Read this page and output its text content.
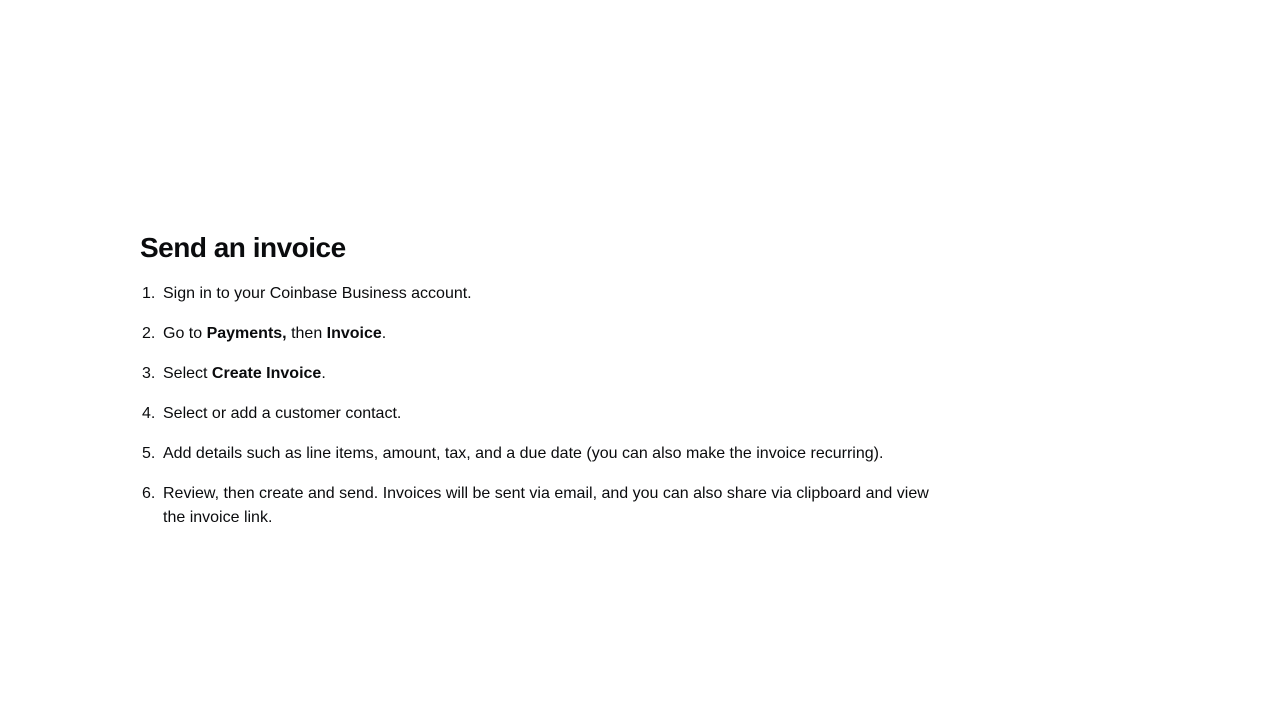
Send an invoice
1. Sign in to your Coinbase Business account.
2. Go to Payments, then Invoice.
3. Select Create Invoice.
4. Select or add a customer contact.
5. Add details such as line items, amount, tax, and a due date (you can also make the invoice recurring).
6. Review, then create and send. Invoices will be sent via email, and you can also share via clipboard and view the invoice link.
